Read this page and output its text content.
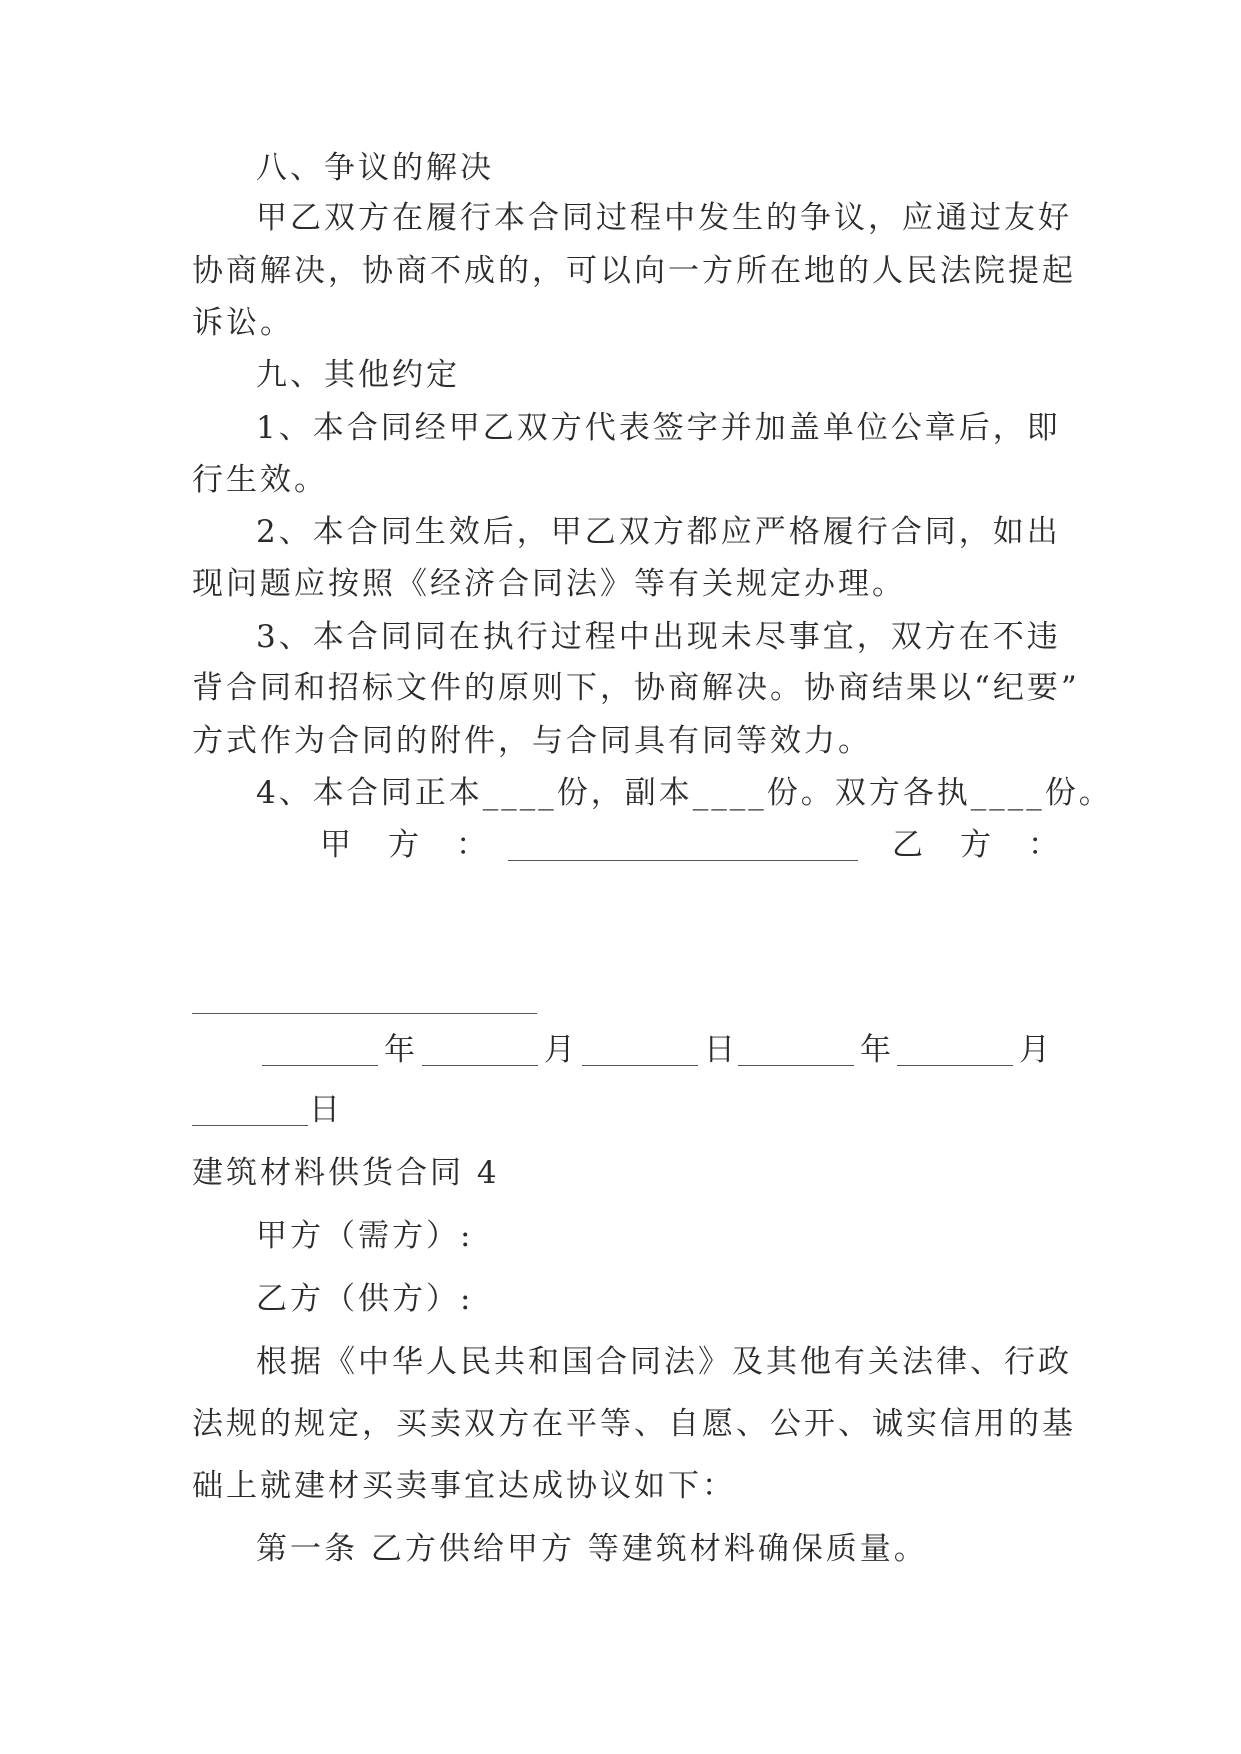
八、争议的解决
甲乙双方在履行本合同过程中发生的争议，应通过友好
协商解决，协商不成的，可以向一方所在地的人民法院提起
诉讼。
九、其他约定
1、本合同经甲乙双方代表签字并加盖单位公章后，即
行生效。
2、本合同生效后，甲乙双方都应严格履行合同，如出
现问题应按照《经济合同法》等有关规定办理。
3、本合同同在执行过程中出现未尽事宜，双方在不违
背合同和招标文件的原则下，协商解决。协商结果以“纪要”
方式作为合同的附件，与合同具有同等效力。
4、本合同正本____份，副本____份。双方各执____份。
甲　方　：	乙　方　：
年	月	日	年	月
日
建筑材料供货合同 4
甲方（需方）:
乙方（供方）:
根据《中华人民共和国合同法》及其他有关法律、行政
法规的规定，买卖双方在平等、自愿、公开、诚实信用的基
础上就建材买卖事宜达成协议如下：
第一条 乙方供给甲方 等建筑材料确保质量。
